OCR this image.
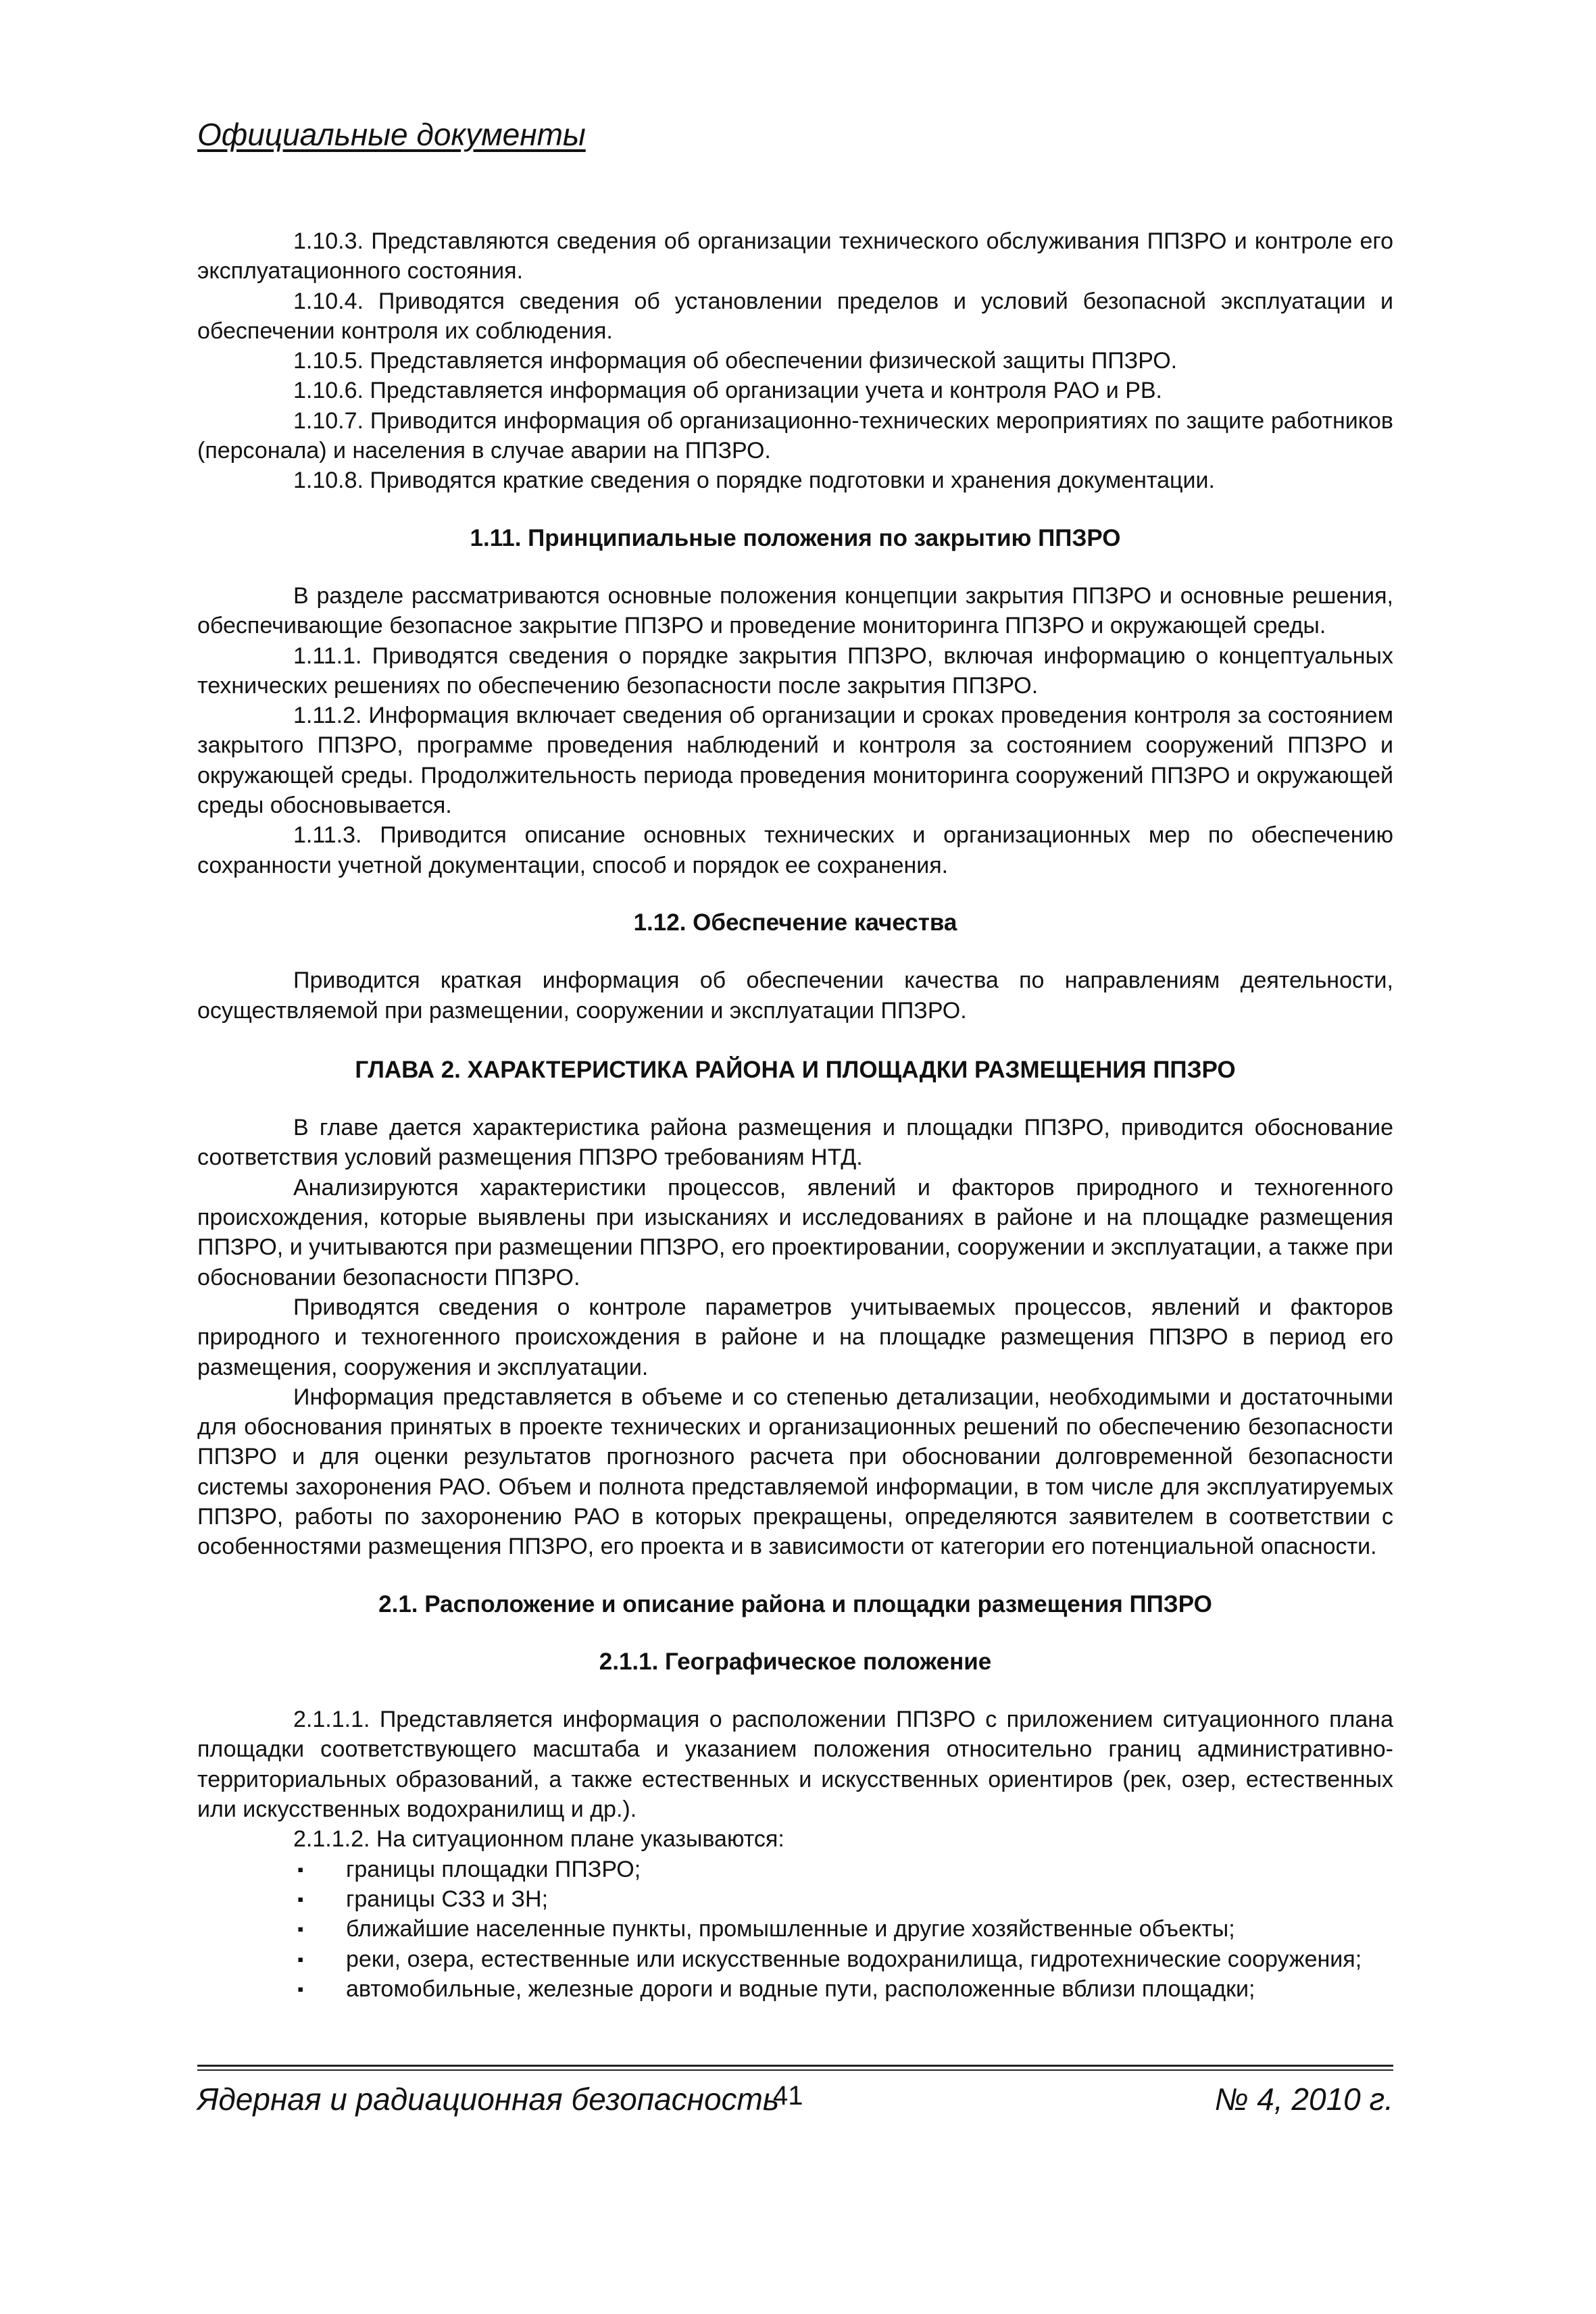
Официальные документы

1.10.3. Представляются сведения об организации технического обслуживания ППЗРО и контроле его эксплуатационного состояния.

1.10.4. Приводятся сведения об установлении пределов и условий безопасной эксплуатации и обеспечении контроля их соблюдения.

1.10.5. Представляется информация об обеспечении физической защиты ППЗРО.

1.10.6. Представляется информация об организации учета и контроля РАО и РВ.

1.10.7. Приводится информация об организационно-технических мероприятиях по защите работников (персонала) и населения в случае аварии на ППЗРО.

1.10.8. Приводятся краткие сведения о порядке подготовки и хранения документации.

1.11. Принципиальные положения по закрытию ППЗРО

В разделе рассматриваются основные положения концепции закрытия ППЗРО и основные решения, обеспечивающие безопасное закрытие ППЗРО и проведение мониторинга ППЗРО и окружающей среды.

1.11.1. Приводятся сведения о порядке закрытия ППЗРО, включая информацию о концептуальных технических решениях по обеспечению безопасности после закрытия ППЗРО.

1.11.2. Информация включает сведения об организации и сроках проведения контроля за состоянием закрытого ППЗРО, программе проведения наблюдений и контроля за состоянием сооружений ППЗРО и окружающей среды. Продолжительность периода проведения мониторинга сооружений ППЗРО и окружающей среды обосновывается.

1.11.3. Приводится описание основных технических и организационных мер по обеспечению сохранности учетной документации, способ и порядок ее сохранения.

1.12. Обеспечение качества

Приводится краткая информация об обеспечении качества по направлениям деятельности, осуществляемой при размещении, сооружении и эксплуатации ППЗРО.

ГЛАВА 2. ХАРАКТЕРИСТИКА РАЙОНА И ПЛОЩАДКИ РАЗМЕЩЕНИЯ ППЗРО

В главе дается характеристика района размещения и площадки ППЗРО, приводится обоснование соответствия условий размещения ППЗРО требованиям НТД.

Анализируются характеристики процессов, явлений и факторов природного и техногенного происхождения, которые выявлены при изысканиях и исследованиях в районе и на площадке размещения ППЗРО, и учитываются при размещении ППЗРО, его проектировании, сооружении и эксплуатации, а также при обосновании безопасности ППЗРО.

Приводятся сведения о контроле параметров учитываемых процессов, явлений и факторов природного и техногенного происхождения в районе и на площадке размещения ППЗРО в период его размещения, сооружения и эксплуатации.

Информация представляется в объеме и со степенью детализации, необходимыми и достаточными для обоснования принятых в проекте технических и организационных решений по обеспечению безопасности ППЗРО и для оценки результатов прогнозного расчета при обосновании долговременной безопасности системы захоронения РАО. Объем и полнота представляемой информации, в том числе для эксплуатируемых ППЗРО, работы по захоронению РАО в которых прекращены, определяются заявителем в соответствии с особенностями размещения ППЗРО, его проекта и в зависимости от категории его потенциальной опасности.

2.1. Расположение и описание района и площадки размещения ППЗРО
2.1.1. Географическое положение

2.1.1.1. Представляется информация о расположении ППЗРО с приложением ситуационного плана площадки соответствующего масштаба и указанием положения относительно границ административно-территориальных образований, а также естественных и искусственных ориентиров (рек, озер, естественных или искусственных водохранилищ и др.).

2.1.1.2. На ситуационном плане указываются:

▪ границы площадки ППЗРО;
▪ границы СЗЗ и ЗН;
▪ ближайшие населенные пункты, промышленные и другие хозяйственные объекты;
▪ реки, озера, естественные или искусственные водохранилища, гидротехнические сооружения;
▪ автомобильные, железные дороги и водные пути, расположенные вблизи площадки;
Ядерная и радиационная безопасность
41	№ 4, 2010 г.
